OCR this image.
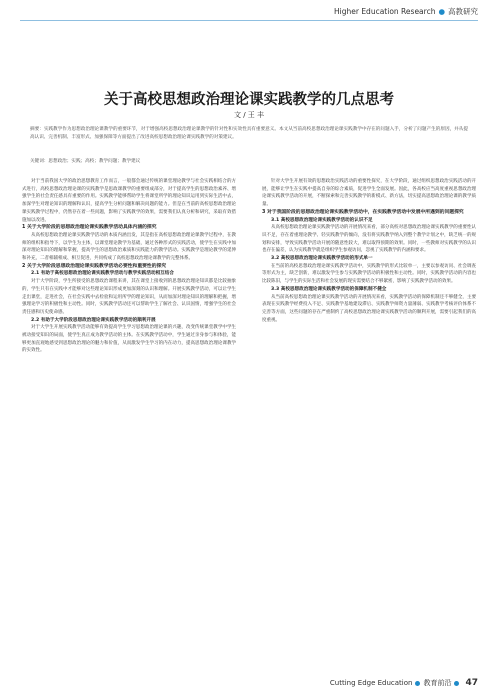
Higher Education Research ● 高教研究
关于高校思想政治理论课实践教学的几点思考
文 / 王 丰
摘要：实践教学作为思想政治理论课教学的重要环节，对于增强高校思想政治理论课教学的针对性和实效性具有重要意义。本文从当前高校思想政治理论课实践教学中存在的问题入手，分析了问题产生的原因，并从提高认识、完善机制、丰富形式、加强保障等方面提出了改进高校思想政治理论课实践教学的对策建议。
关键词：思想政治；实践；高校；教学问题；教学建议

对于当前我国大学的政治思想教育工作而言，一般都会通过传统的课堂理论教学与社会实践相结合的方式进行，高校思想政治理论课的实践教学是思政课教学的重要组成部分，对于提高学生的思想政治素养、增强学生的社会责任感具有重要的作用。实践教学能够帮助学生将课堂所学的理论知识运用到实际生活中去，加深学生对理论知识的理解和认识，提高学生分析问题和解决问题的能力。但是在当前的高校思想政治理论课实践教学过程中，仍然存在着一些问题，影响了实践教学的效果，需要我们认真分析和研究，采取有效措施加以改进。

1 关于大学阶段的思想政治理论课实践教学活动具体内涵的探究

从高校思想政治理论课实践教学活动的本质内涵出发，其是指在高校思想政治理论课教学过程中，在教师的组织和指导下，以学生为主体，以课堂理论教学为基础，通过各种形式的实践活动，使学生在实践中加深对理论知识的理解和掌握，提高学生的思想政治素质和实践能力的教学活动。实践教学是理论教学的延伸和补充，二者相辅相成、相互促进，共同构成了高校思想政治理论课教学的完整体系。

2 关于大学阶段思想政治理论课实践教学活动必要性和重要性的探究
2.1 有助于高校思想政治理论课实践教学活动与教学实践活动相互结合

对于大学阶段，学生所接受的思想政治课程来讲，其在课堂上接收到的思想政治理论知识都是比较抽象的，学生只有在实践中才能够对这些理论知识形成更加深刻的认识和理解。开展实践教学活动，可以让学生走出课堂，走进社会，在社会实践中去检验和运用所学的理论知识，从而加深对理论知识的理解和把握，增强理论学习的积极性和主动性。同时，实践教学活动还可以帮助学生了解社会、认识国情，增强学生的社会责任感和历史使命感。

2.2 有助于大学阶段思想政治理论课实践教学活动的顺利开展

对于大学生开展实践教学活动能够有效提高学生学习思想政治理论课的兴趣，改变传统课堂教学中学生被动接受知识的局面，使学生真正成为教学活动的主体。在实践教学活动中，学生通过亲身参与和体验，能够更加直观地感受到思想政治理论的魅力和价值，从而激发学生学习的内在动力，提高思想政治理论课教学的实效性。

针对大学生开展有效的思想政治实践活动的重要性探究，在大学阶段，通过组织思想政治实践活动的开展，能够让学生在实践中提高自身的综合素质，促进学生全面发展。因此，各高校应当高度重视思想政治理论课实践教学活动的开展，不断探索和完善实践教学的新模式、新方法，切实提高思想政治理论课的教学质量。

3 对于我国阶段的思想政治理论课实践教学活动中，在实践教学活动中发展中所遇到的问题探究
3.1 高校思想政治理论课实践教学活动的认识不足

从高校思想政治理论课实践教学活动的开展情况来看，部分高校对思想政治理论课实践教学的重要性认识不足，存在着重理论教学、轻实践教学的倾向，没有将实践教学纳入到整个教学计划之中，缺乏统一的规划和安排，导致实践教学活动开展的随意性较大，难以取得预期的效果。同时，一些教师对实践教学的认识也存在偏差，认为实践教学就是组织学生参观访问，忽视了实践教学的内涵和要求。

3.2 高校思想政治理论课实践教学活动的形式单一

在当前的高校思想政治理论课实践教学活动中，实践教学的形式比较单一，主要以参观访问、社会调查等形式为主，缺乏创新，难以激发学生参与实践教学活动的积极性和主动性。同时，实践教学活动的内容也比较陈旧，与学生的实际生活和社会发展的现实需要结合不够紧密，影响了实践教学活动的效果。

3.3 高校思想政治理论课实践教学活动的保障机制不健全

从当前高校思想政治理论课实践教学活动的开展情况来看，实践教学活动的保障机制还不够健全，主要表现在实践教学经费投入不足、实践教学基地建设滞后、实践教学师资力量薄弱、实践教学考核评价体系不完善等方面，这些问题的存在严重制约了高校思想政治理论课实践教学活动的顺利开展，需要引起我们的高度重视。

Cutting Edge Education 教育前沿 47
